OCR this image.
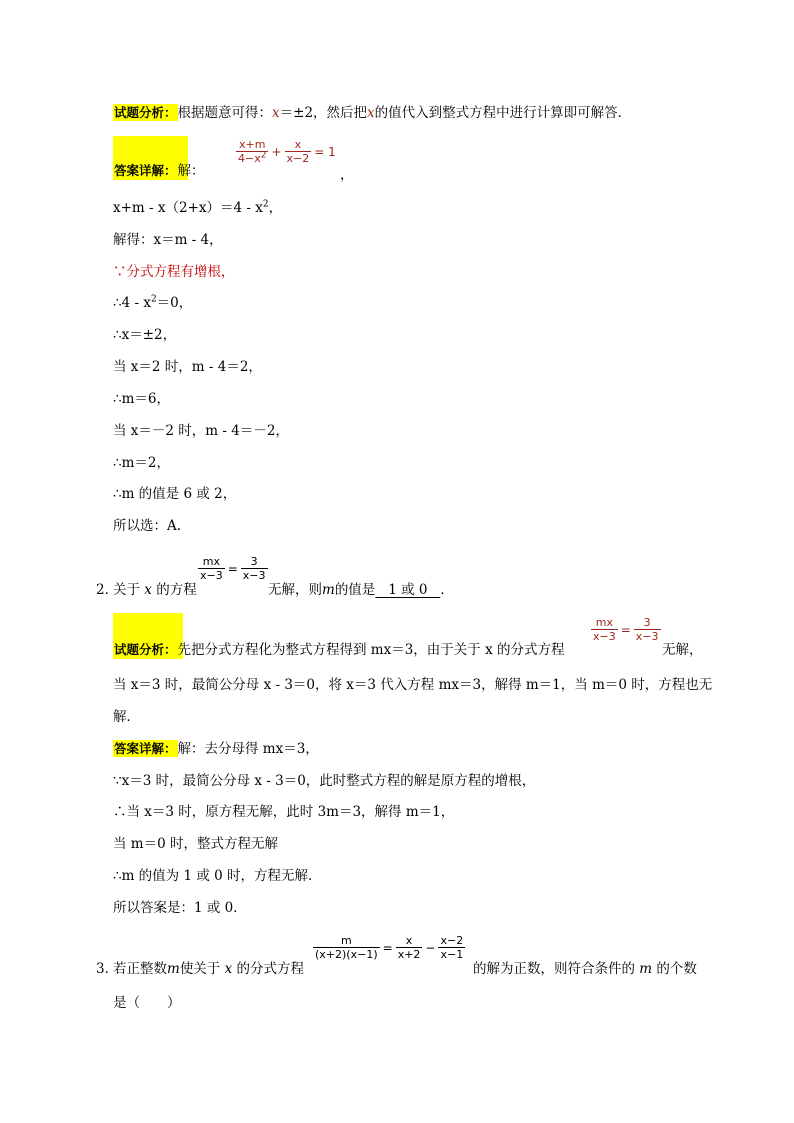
试题分析：根据题意可得：x＝±2，然后把x的值代入到整式方程中进行计算即可解答．
答案详解：解：
$\frac{x+m}{4-x^2} + \frac{x}{x-2} = 1$
，
$x+m - x(2+x)=4 - x^2$，
解得：x＝m - 4，
∵分式方程有增根，
∴4 - $x^2=0$，
∴x＝±2，
当 x＝2 时，m - 4＝2，
∴m＝6，
当 x＝－2 时，m - 4＝－2，
∴m＝2，
∴m 的值是 6 或 2，
所以选：A.
2．
关于 x 的方程
$\frac{mx}{x-3} = \frac{3}{x-3}$
无解，则m的值是 1 或 0 ．
试题分析：先把分式方程化为整式方程得到 mx＝3，由于关于 x 的分式方程
$\frac{mx}{x-3} = \frac{3}{x-3}$
无解，
当 x＝3 时，最简公分母 x - 3＝0，将 x＝3 代入方程 mx＝3，解得 m＝1，当 m＝0 时，方程也无
解．
答案详解：解：去分母得 mx＝3，
∵x＝3 时，最简公分母 x - 3＝0，此时整式方程的解是原方程的增根，
∴当 x＝3 时，原方程无解，此时 3m＝3，解得 m＝1，
当 m＝0 时，整式方程无解
∴m 的值为 1 或 0 时，方程无解．
所以答案是：1 或 0．
3．
若正整数m使关于 x 的分式方程
$\frac{m}{(x+2)(x-1)} = \frac{x}{x+2} - \frac{x-2}{x-1}$
的解为正数，则符合条件的 m 的个数
是（　　）
